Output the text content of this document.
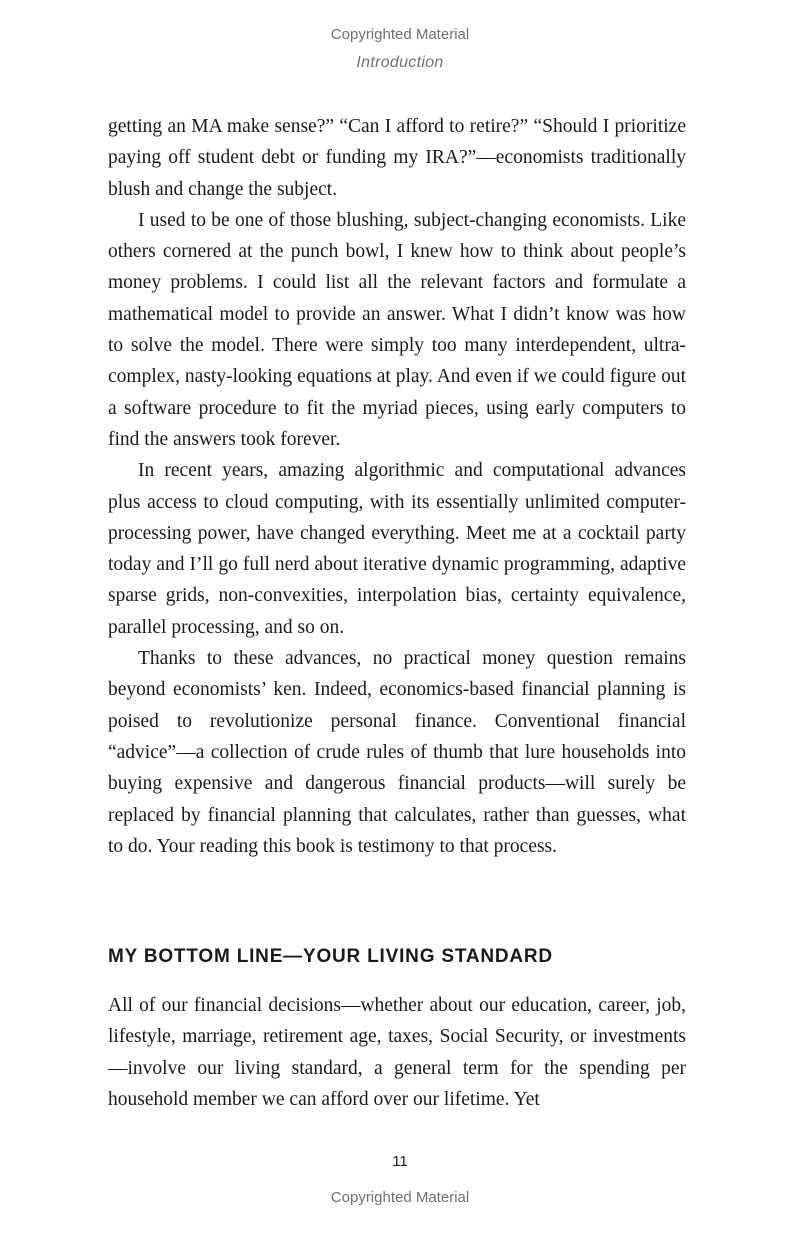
Copyrighted Material
Introduction

getting an MA make sense?” “Can I afford to retire?” “Should I prioritize paying off student debt or funding my IRA?”—economists traditionally blush and change the subject.

I used to be one of those blushing, subject-changing economists. Like others cornered at the punch bowl, I knew how to think about people’s money problems. I could list all the relevant factors and formulate a mathematical model to provide an answer. What I didn’t know was how to solve the model. There were simply too many interdependent, ultra-complex, nasty-looking equations at play. And even if we could figure out a software procedure to fit the myriad pieces, using early computers to find the answers took forever.

In recent years, amazing algorithmic and computational advances plus access to cloud computing, with its essentially unlimited computer-processing power, have changed everything. Meet me at a cocktail party today and I’ll go full nerd about iterative dynamic programming, adaptive sparse grids, non-convexities, interpolation bias, certainty equivalence, parallel processing, and so on.

Thanks to these advances, no practical money question remains beyond economists’ ken. Indeed, economics-based financial planning is poised to revolutionize personal finance. Conventional financial “advice”—a collection of crude rules of thumb that lure households into buying expensive and dangerous financial products—will surely be replaced by financial planning that calculates, rather than guesses, what to do. Your reading this book is testimony to that process.

MY BOTTOM LINE—YOUR LIVING STANDARD

All of our financial decisions—whether about our education, career, job, lifestyle, marriage, retirement age, taxes, Social Security, or investments—involve our living standard, a general term for the spending per household member we can afford over our lifetime. Yet

11
Copyrighted Material
